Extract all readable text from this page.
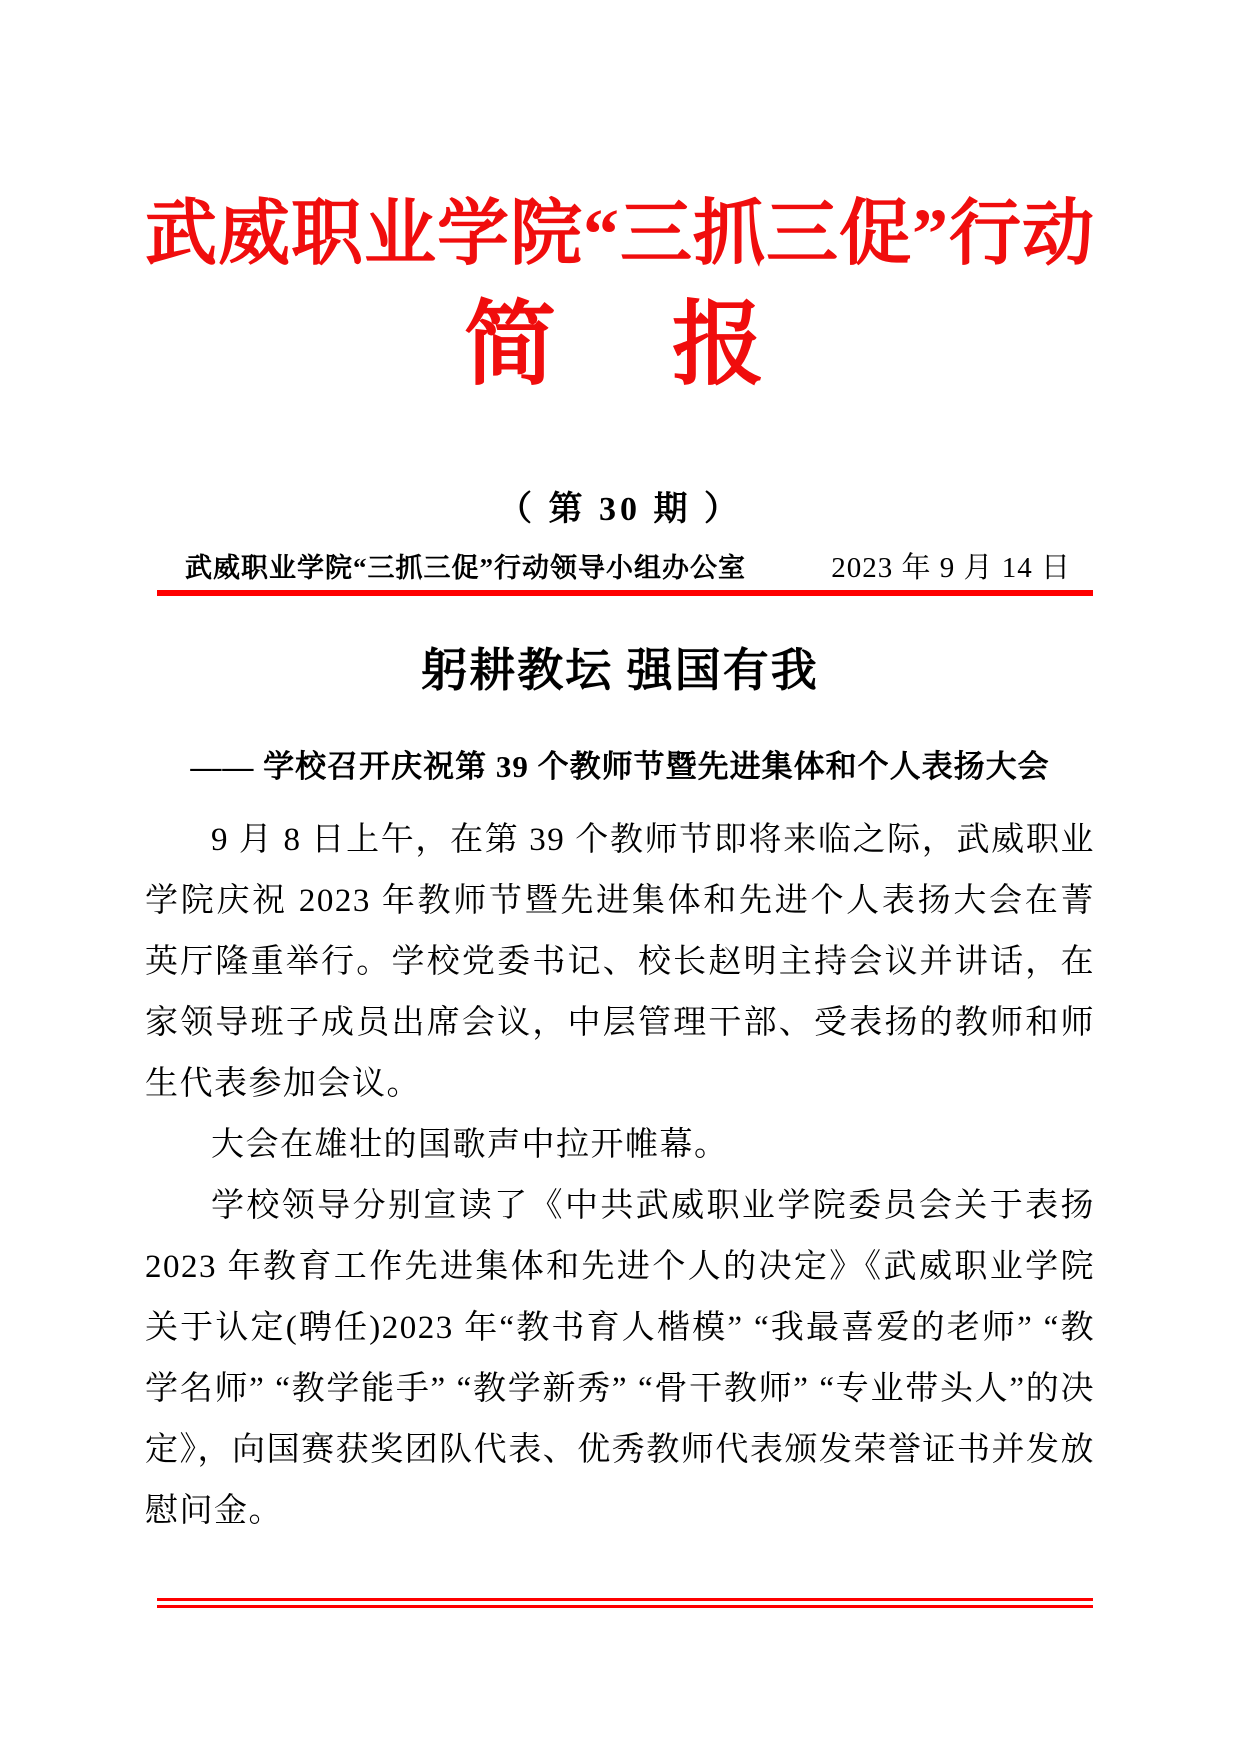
武威职业学院“三抓三促”行动
简　报
（ 第 30 期 ）
武威职业学院“三抓三促”行动领导小组办公室	2023 年 9 月 14 日
躬耕教坛 强国有我
—— 学校召开庆祝第 39 个教师节暨先进集体和个人表扬大会

9 月 8 日上午，在第 39 个教师节即将来临之际，武威职业学院庆祝 2023 年教师节暨先进集体和先进个人表扬大会在菁英厅隆重举行。学校党委书记、校长赵明主持会议并讲话，在家领导班子成员出席会议，中层管理干部、受表扬的教师和师生代表参加会议。

大会在雄壮的国歌声中拉开帷幕。

学校领导分别宣读了《中共武威职业学院委员会关于表扬 2023 年教育工作先进集体和先进个人的决定》《武威职业学院关于认定(聘任)2023 年“教书育人楷模” “我最喜爱的老师” “教学名师” “教学能手” “教学新秀” “骨干教师” “专业带头人”的决定》，向国赛获奖团队代表、优秀教师代表颁发荣誉证书并发放慰问金。
